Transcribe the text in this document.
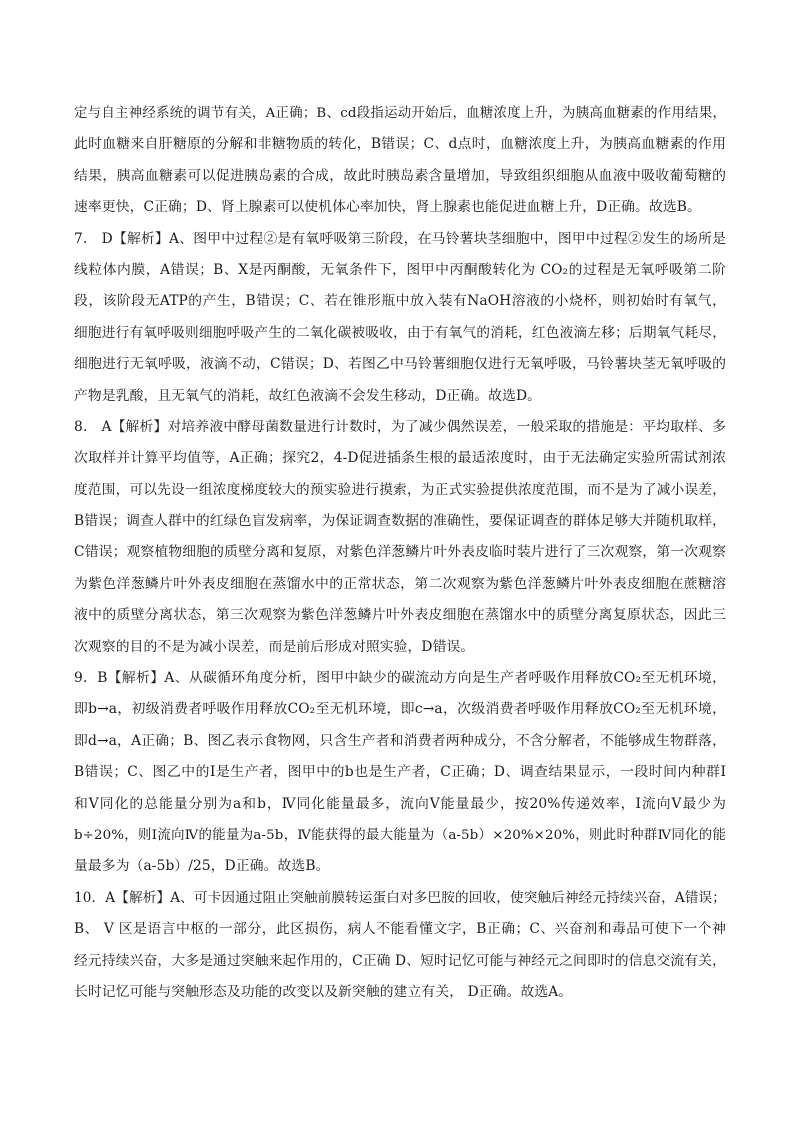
定与自主神经系统的调节有关，A正确；B、cd段指运动开始后，血糖浓度上升，为胰高血糖素的作用结果，
此时血糖来自肝糖原的分解和非糖物质的转化，B错误；C、d点时，血糖浓度上升，为胰高血糖素的作用
结果，胰高血糖素可以促进胰岛素的合成，故此时胰岛素含量增加，导致组织细胞从血液中吸收葡萄糖的
速率更快，C正确；D、肾上腺素可以使机体心率加快，肾上腺素也能促进血糖上升，D正确。故选B。
7． D【解析】A、图甲中过程②是有氧呼吸第三阶段，在马铃薯块茎细胞中，图甲中过程②发生的场所是
线粒体内膜，A错误；B、X是丙酮酸，无氧条件下，图甲中丙酮酸转化为 CO₂的过程是无氧呼吸第二阶
段，该阶段无ATP的产生，B错误；C、若在锥形瓶中放入装有NaOH溶液的小烧杯，则初始时有氧气，
细胞进行有氧呼吸则细胞呼吸产生的二氧化碳被吸收，由于有氧气的消耗，红色液滴左移；后期氧气耗尽，
细胞进行无氧呼吸，液滴不动，C错误；D、若图乙中马铃薯细胞仅进行无氧呼吸，马铃薯块茎无氧呼吸的
产物是乳酸，且无氧气的消耗，故红色液滴不会发生移动，D正确。故选D。
8． A【解析】对培养液中酵母菌数量进行计数时，为了减少偶然误差，一般采取的措施是：平均取样、多
次取样并计算平均值等，A正确；探究2，4-D促进插条生根的最适浓度时，由于无法确定实验所需试剂浓
度范围，可以先设一组浓度梯度较大的预实验进行摸索，为正式实验提供浓度范围，而不是为了减小误差，
B错误；调查人群中的红绿色盲发病率，为保证调查数据的准确性，要保证调查的群体足够大并随机取样，
C错误；观察植物细胞的质壁分离和复原，对紫色洋葱鳞片叶外表皮临时装片进行了三次观察，第一次观察
为紫色洋葱鳞片叶外表皮细胞在蒸馏水中的正常状态，第二次观察为紫色洋葱鳞片叶外表皮细胞在蔗糖溶
液中的质壁分离状态，第三次观察为紫色洋葱鳞片叶外表皮细胞在蒸馏水中的质壁分离复原状态，因此三
次观察的目的不是为减小误差，而是前后形成对照实验，D错误。
9．B【解析】A、从碳循环角度分析，图甲中缺少的碳流动方向是生产者呼吸作用释放CO₂至无机环境，
即b→a，初级消费者呼吸作用释放CO₂至无机环境，即c→a，次级消费者呼吸作用释放CO₂至无机环境，
即d→a，A正确；B、图乙表示食物网，只含生产者和消费者两种成分，不含分解者，不能够成生物群落，
B错误；C、图乙中的Ⅰ是生产者，图甲中的b也是生产者，C正确；D、调查结果显示，一段时间内种群Ⅰ
和Ⅴ同化的总能量分别为a和b，Ⅳ同化能量最多，流向Ⅴ能量最少，按20%传递效率，Ⅰ流向Ⅴ最少为
b÷20%，则Ⅰ流向Ⅳ的能量为a-5b，Ⅳ能获得的最大能量为（a-5b）×20%×20%，则此时种群Ⅳ同化的能
量最多为（a-5b）/25，D正确。故选B。
10．A【解析】A、可卡因通过阻止突触前膜转运蛋白对多巴胺的回收，使突触后神经元持续兴奋，A错误；
B、 V 区是语言中枢的一部分，此区损伤，病人不能看懂文字，B正确；C、兴奋剂和毒品可使下一个神
经元持续兴奋，大多是通过突触来起作用的，C正确 D、短时记忆可能与神经元之间即时的信息交流有关，
长时记忆可能与突触形态及功能的改变以及新突触的建立有关， D正确。故选A。
